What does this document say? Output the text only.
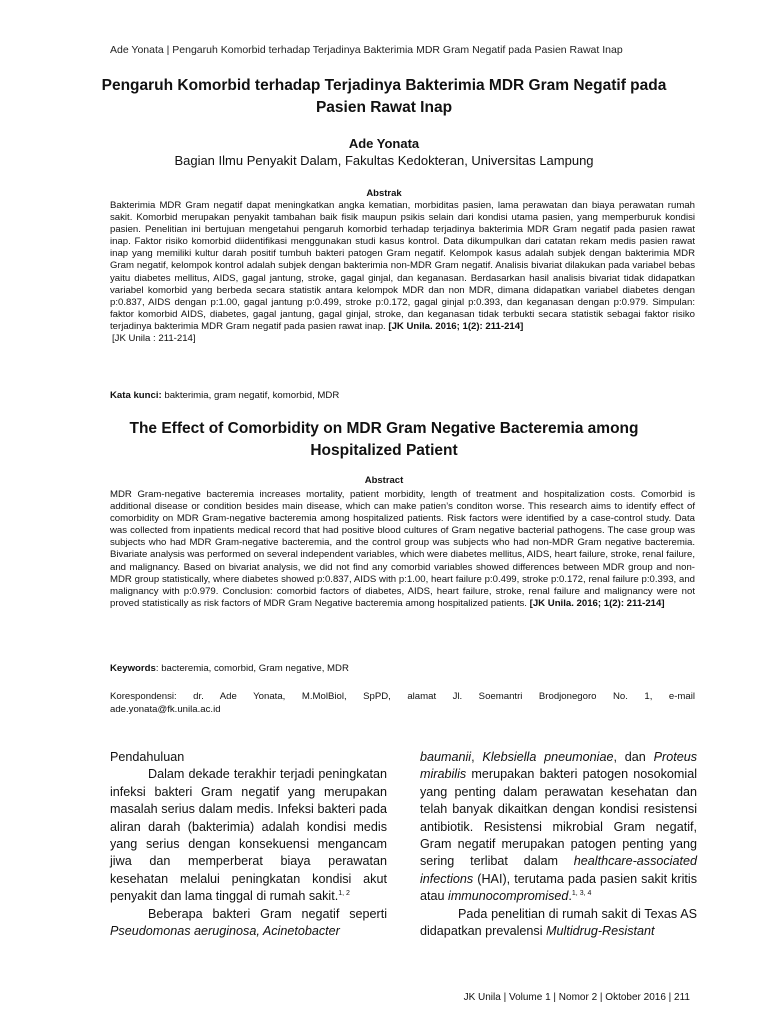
Ade Yonata | Pengaruh Komorbid terhadap Terjadinya Bakterimia MDR Gram Negatif pada Pasien Rawat Inap
Pengaruh Komorbid terhadap Terjadinya Bakterimia MDR Gram Negatif pada Pasien Rawat Inap
Ade Yonata
Bagian Ilmu Penyakit Dalam, Fakultas Kedokteran, Universitas Lampung
Abstrak

Bakterimia MDR Gram negatif dapat meningkatkan angka kematian, morbiditas pasien, lama perawatan dan biaya perawatan rumah sakit. Komorbid merupakan penyakit tambahan baik fisik maupun psikis selain dari kondisi utama pasien, yang memperburuk kondisi pasien. Penelitian ini bertujuan mengetahui pengaruh komorbid terhadap terjadinya bakterimia MDR Gram negatif pada pasien rawat inap. Faktor risiko komorbid diidentifikasi menggunakan studi kasus kontrol. Data dikumpulkan dari catatan rekam medis pasien rawat inap yang memiliki kultur darah positif tumbuh bakteri patogen Gram negatif. Kelompok kasus adalah subjek dengan bakterimia MDR Gram negatif, kelompok kontrol adalah subjek dengan bakterimia non-MDR Gram negatif. Analisis bivariat dilakukan pada variabel bebas yaitu diabetes mellitus, AIDS, gagal jantung, stroke, gagal ginjal, dan keganasan. Berdasarkan hasil analisis bivariat tidak didapatkan variabel komorbid yang berbeda secara statistik antara kelompok MDR dan non MDR, dimana didapatkan variabel diabetes dengan p:0.837, AIDS dengan p:1.00, gagal jantung p:0.499, stroke p:0.172, gagal ginjal p:0.393, dan keganasan dengan p:0.979. Simpulan: faktor komorbid AIDS, diabetes, gagal jantung, gagal ginjal, stroke, dan keganasan tidak terbukti secara statistik sebagai faktor risiko terjadinya bakterimia MDR Gram negatif pada pasien rawat inap. [JK Unila. 2016; 1(2): 211-214]
[JK Unila : 211-214]

Kata kunci: bakterimia, gram negatif, komorbid, MDR
The Effect of Comorbidity on MDR Gram Negative Bacteremia among Hospitalized Patient
Abstract

MDR Gram-negative bacteremia increases mortality, patient morbidity, length of treatment and hospitalization costs. Comorbid is additional disease or condition besides main disease, which can make patien’s conditon worse. This research aims to identify effect of comorbidity on MDR Gram-negative bacteremia among hospitalized patients. Risk factors were identified by a case-control study. Data was collected from inpatients medical record that had positive blood cultures of Gram negative bacterial pathogens. The case group was subjects who had MDR Gram-negative bacteremia, and the control group was subjects who had non-MDR Gram negative bacteremia. Bivariate analysis was performed on several independent variables, which were diabetes mellitus, AIDS, heart failure, stroke, renal failure, and malignancy. Based on bivariat analysis, we did not find any comorbid variables showed differences between MDR group and non-MDR group statistically, where diabetes showed p:0.837, AIDS with p:1.00, heart failure p:0.499, stroke p:0.172, renal failure p:0.393, and malignancy with p:0.979. Conclusion: comorbid factors of diabetes, AIDS, heart failure, stroke, renal failure and malignancy were not proved statistically as risk factors of MDR Gram Negative bacteremia among hospitalized patients. [JK Unila. 2016; 1(2): 211-214]

Keywords: bacteremia, comorbid, Gram negative, MDR
Korespondensi: dr. Ade Yonata, M.MolBiol, SpPD, alamat Jl. Soemantri Brodjonegoro No. 1, e-mail
ade.yonata@fk.unila.ac.id

Pendahuluan

Dalam dekade terakhir terjadi peningkatan infeksi bakteri Gram negatif yang merupakan masalah serius dalam medis. Infeksi bakteri pada aliran darah (bakterimia) adalah kondisi medis yang serius dengan konsekuensi mengancam jiwa dan memperberat biaya perawatan kesehatan melalui peningkatan kondisi akut penyakit dan lama tinggal di rumah sakit.$^{1, 2}$

Beberapa bakteri Gram negatif seperti Pseudomonas aeruginosa, Acinetobacter

baumanii, Klebsiella pneumoniae, dan Proteus mirabilis merupakan bakteri patogen nosokomial yang penting dalam perawatan kesehatan dan telah banyak dikaitkan dengan kondisi resistensi antibiotik. Resistensi mikrobial Gram negatif, Gram negatif merupakan patogen penting yang sering terlibat dalam healthcare-associated infections (HAI), terutama pada pasien sakit kritis atau immunocompromised.$^{1, 3, 4}$

Pada penelitian di rumah sakit di Texas AS didapatkan prevalensi Multidrug-Resistant

JK Unila | Volume 1 | Nomor 2 | Oktober 2016 | 211
